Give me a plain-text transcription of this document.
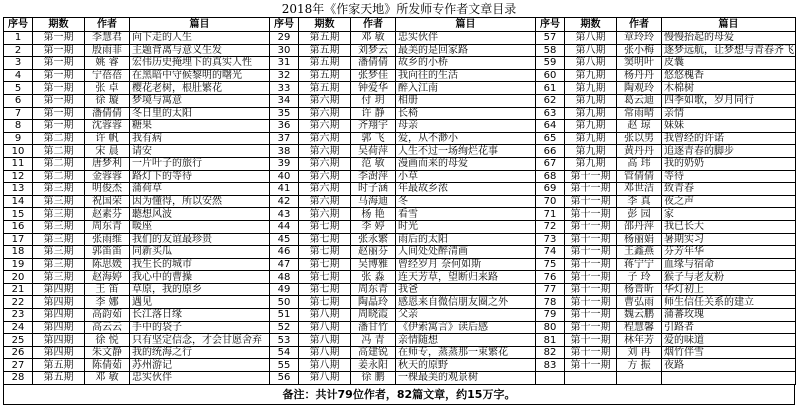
2018年《作家天地》所发师专作者文章目录
序号	期数	作者	篇目	序号	期数	作者	篇目	序号	期数	作者	篇目
1	第一期	李慧君	向下走的人生	29	第五期	邓 敏	忠实伙伴	57	第八期	章玲玲	慢慢抬起的母爱
2	第一期	殷雨菲	主题背离与意义生发	30	第五期	刘梦云	最美的是回家路	58	第八期	张小梅	逐梦远航，让梦想与青春齐飞
3	第一期	姚 睿	宏伟历史掩埋下的真实人性	31	第五期	潘倩倩	故乡的小桥	59	第八期	窦明叶	皮囊
4	第一期	宁蓓蓓	在黑暗中守候黎明的曙光	32	第五期	张梦佳	我向往的生活	60	第九期	杨丹丹	悠悠槐香
5	第一期	张 卓	樱花老树，根肚繁花	33	第五期	钟爱华	醉入江南	61	第九期	陶观玲	木棉树
6	第一期	徐 璇	梦境与寓意	34	第六期	付 玥	相册	62	第九期	葛云迪	四季如歌，岁月同行
7	第一期	潘倩倩	冬日里的太阳	35	第六期	许 静	长椅	63	第九期	常雨晴	亲情
8	第一期	沈蓉蓉	糖果	36	第六期	齐翔宇	母亲	64	第九期	赵 琼	妹妹
9	第二期	许 帆	我有病	37	第六期	郭 飞	爱，从不渺小	65	第九期	张以男	我曾经的许诺
10	第二期	宋 晨	请安	38	第六期	吴荷萍	人生不过一场绚烂花事	66	第九期	黄丹丹	追逐青春的脚步
11	第二期	唐梦利	一片叶子的旅行	39	第六期	范 敏	漫画而来的母爱	67	第九期	高 玮	我的奶奶
12	第二期	金蓉蓉	路灯下的等待	40	第六期	李澍萍	小草	68	第十一期	管倩倩	等待
13	第三期	明俊杰	蒲荷草	41	第六期	时子涵	年最故乡浓	69	第十一期	邓世洁	致青春
14	第三期	祝国荣	因为懂得，所以安然	42	第六期	马海迪	冬	70	第十一期	李 真	夜之声
15	第三期	赵素芬	聽想风波	43	第六期	杨 艳	看雪	71	第十一期	彭 园	家
16	第三期	周东青	暖座	44	第七期	李 婷	时光	72	第十一期	邵丹萍	我已长大
17	第三期	张雨维	我们的友谊最珍贵	45	第七期	张永繁	雨后的太阳	73	第十一期	杨丽娟	暑期实习
18	第三期	郭笛笛	同新买瓜	46	第七期	赵丽芬	人间处处醉清画	74	第十一期	王鑫燕	芬芳年华
19	第三期	陈思媛	我生长的城市	47	第七期	吴博雅	曾经岁月 奈何如斯	75	第十一期	蒋宁宁	血缘与宿命
20	第三期	赵海婷	我心中的曹操	48	第七期	张 淼	连天芳草，望断归来路	76	第十一期	子 玲	猴子与老友粉
21	第四期	王 笛	草原，我的原乡	49	第七期	周东青	我爸	77	第十一期	杨晋昕	华灯初上
22	第四期	李 娜	遇见	50	第七期	陶晶玲	感恩来自微信朋友圈之外	78	第十一期	曹弘雨	师生信任关系的建立
23	第四期	高韵茹	长江落日缘	51	第八期	周晓霞	父亲	79	第十一期	魏云鹏	蒲蕃玫瑰
24	第四期	高云云	手中的袋子	52	第八期	潘甘竹	《伊索寓言》读后感	80	第十一期	程慧馨	引路者
25	第四期	徐 悦	只有坚定信念，才会甘愿舍弃	53	第八期	冯 青	亲情随想	81	第十一期	林年芳	爱的味道
26	第四期	朱文静	我的统海之行	54	第八期	高建锐	在师专，蒸蒸那一束繁花	82	第十一期	刘 冉	烟竹伴雪
27	第五期	陈倩茹	苏州游记	55	第八期	姜永阳	秋天的原野	83	第十一期	方 振	夜路
28	第五期	邓 敏	忠实伙伴	56	第八期	徐 鹏	一棵最美的观景树				
备注：共计79位作者，82篇文章，约15万字。
